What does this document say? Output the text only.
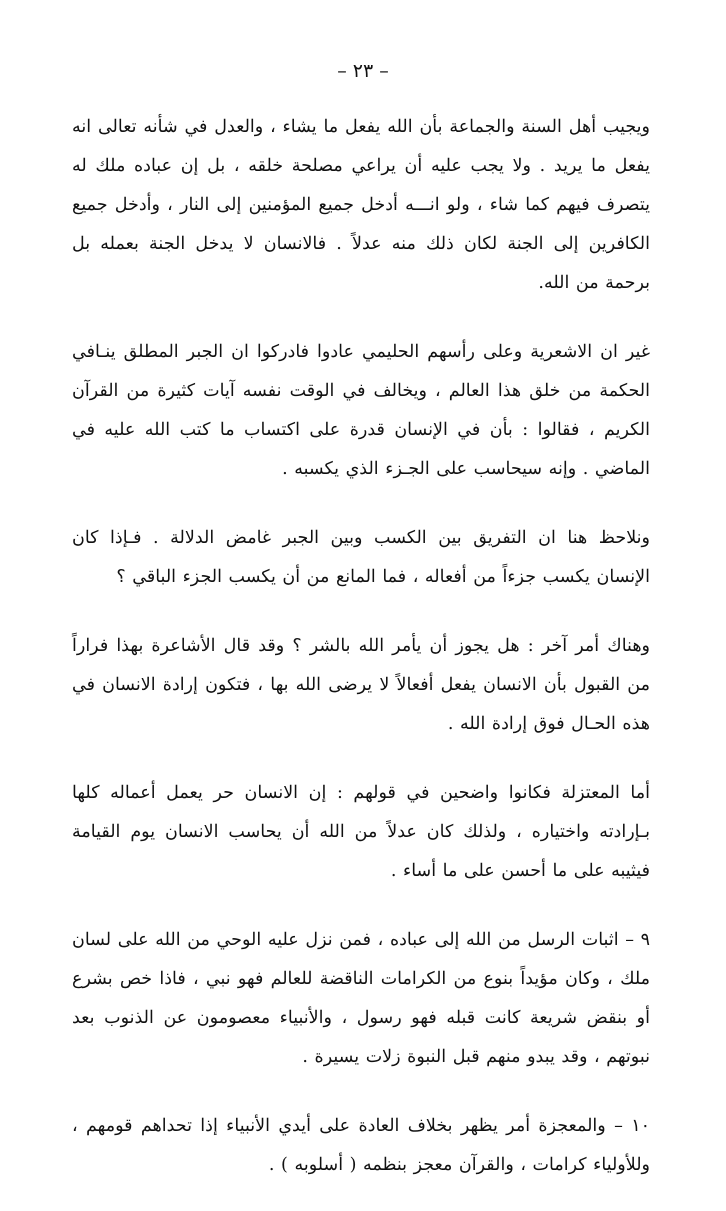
– ٢٣ –

ويجيب أهل السنة والجماعة بأن الله يفعل ما يشاء ، والعدل في شأنه تعالى انه يفعل ما يريد . ولا يجب عليه أن يراعي مصلحة خلقه ، بل إن عباده ملك له يتصرف فيهم كما شاء ، ولو انـــه أدخل جميع المؤمنين إلى النار ، وأدخل جميع الكافرين إلى الجنة لكان ذلك منه عدلاً . فالانسان لا يدخل الجنة بعمله بل برحمة من الله.

غير ان الاشعرية وعلى رأسهم الحليمي عادوا فادركوا ان الجبر المطلق ينـافي الحكمة من خلق هذا العالم ، ويخالف في الوقت نفسه آيات كثيرة من القرآن الكريم ، فقالوا : بأن في الإنسان قدرة على اكتساب ما كتب الله عليه في الماضي . وإنه سيحاسب على الجـزء الذي يكسبه .

ونلاحظ هنا ان التفريق بين الكسب وبين الجبر غامض الدلالة . فـإذا كان الإنسان يكسب جزءاً من أفعاله ، فما المانع من أن يكسب الجزء الباقي ؟

وهناك أمر آخر : هل يجوز أن يأمر الله بالشر ؟ وقد قال الأشاعرة بهذا فراراً من القبول بأن الانسان يفعل أفعالاً لا يرضى الله بها ، فتكون إرادة الانسان في هذه الحـال فوق إرادة الله .

أما المعتزلة فكانوا واضحين في قولهم : إن الانسان حر يعمل أعماله كلها بـإرادته واختياره ، ولذلك كان عدلاً من الله أن يحاسب الانسان يوم القيامة فيثيبه على ما أحسن على ما أساء .

٩ – اثبات الرسل من الله إلى عباده ، فمن نزل عليه الوحي من الله على لسان ملك ، وكان مؤيداً بنوع من الكرامات الناقضة للعالم فهو نبي ، فاذا خص بشرع أو بنقض شريعة كانت قبله فهو رسول ، والأنبياء معصومون عن الذنوب بعد نبوتهم ، وقد يبدو منهم قبل النبوة زلات يسيرة .

١٠ – والمعجزة أمر يظهر بخلاف العادة على أيدي الأنبياء إذا تحداهم قومهم ، وللأولياء كرامات ، والقرآن معجز بنظمه ( أسلوبه ) .
